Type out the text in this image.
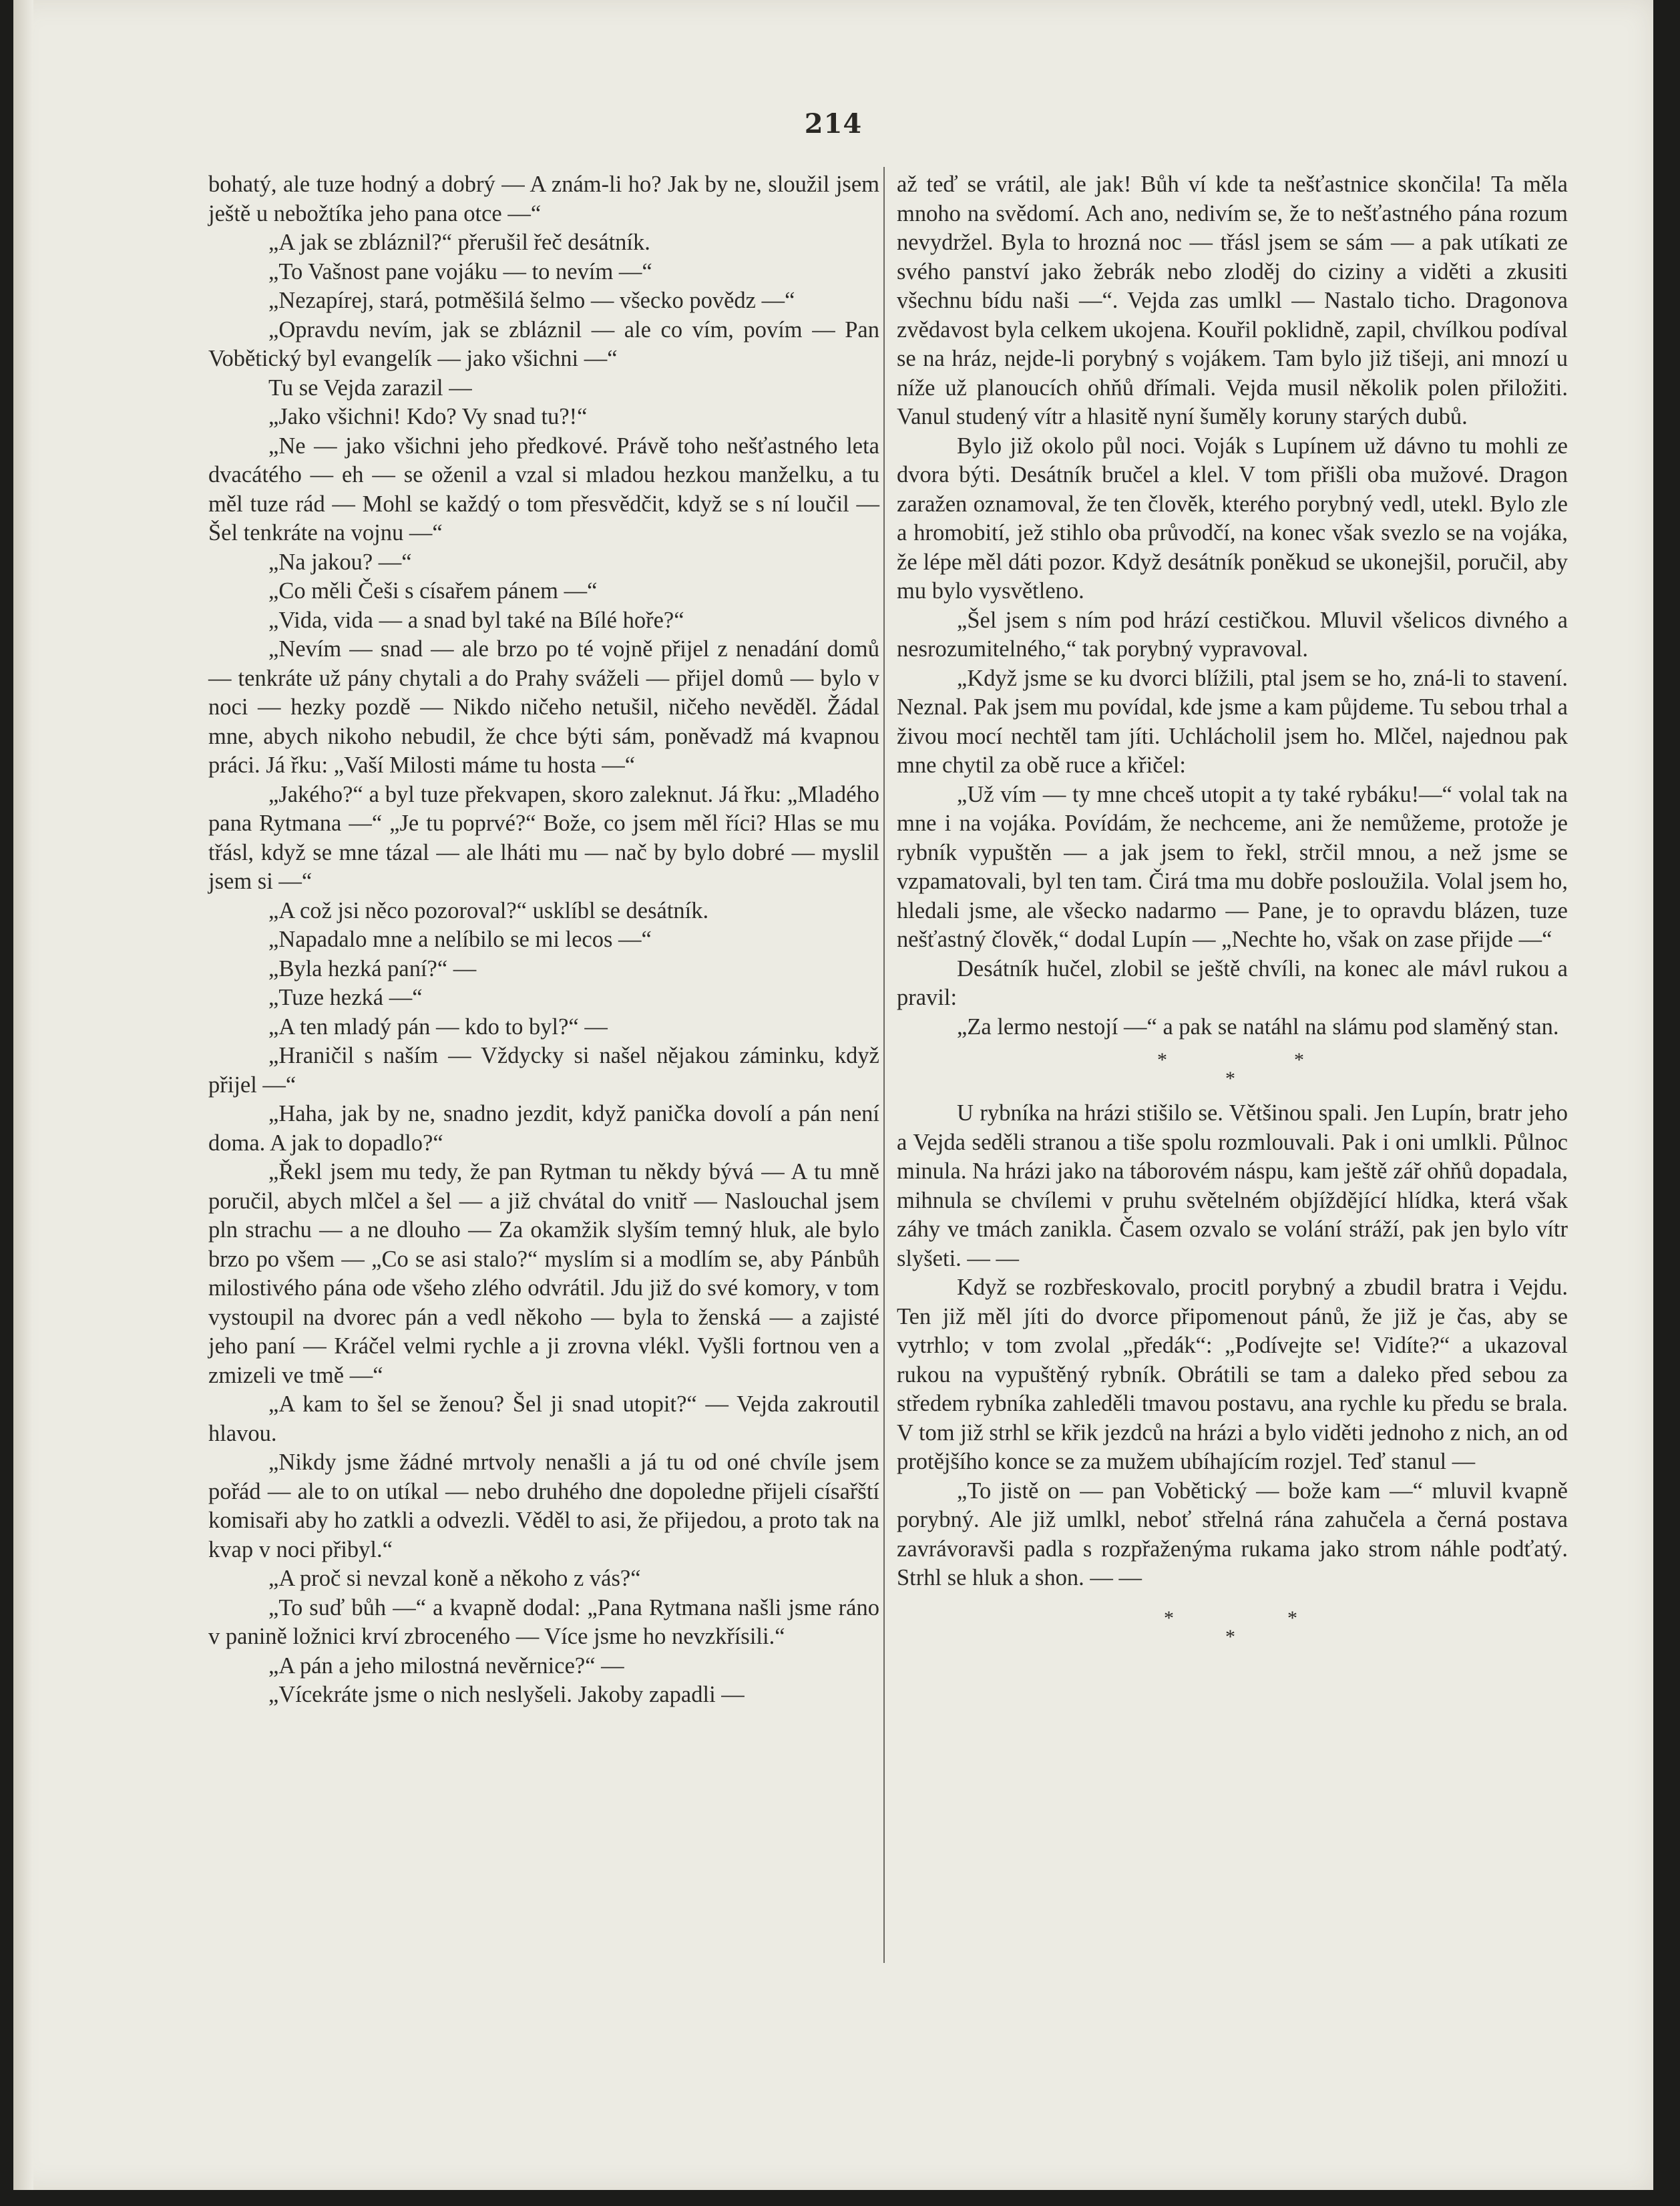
214

bohatý, ale tuze hodný a dobrý — A znám-li ho? Jak by ne, sloužil jsem ještě u nebožtíka jeho pana otce —“

„A jak se zbláznil?“ přerušil řeč desátník.

„To Vašnost pane vojáku — to nevím —“

„Nezapírej, stará, potměšilá šelmo — všecko povědz —“

„Opravdu nevím, jak se zbláznil — ale co vím, povím — Pan Vobětický byl evangelík — jako všichni —“

Tu se Vejda zarazil —

„Jako všichni! Kdo? Vy snad tu?!“

„Ne — jako všichni jeho předkové. Právě toho nešťastného leta dvacátého — eh — se oženil a vzal si mladou hezkou manželku, a tu měl tuze rád — Mohl se každý o tom přesvědčit, když se s ní loučil — Šel tenkráte na vojnu —“

„Na jakou? —“

„Co měli Češi s císařem pánem —“

„Vida, vida — a snad byl také na Bílé hoře?“

„Nevím — snad — ale brzo po té vojně přijel z nenadání domů — tenkráte už pány chytali a do Prahy sváželi — přijel domů — bylo v noci — hezky pozdě — Nikdo ničeho netušil, ničeho nevěděl. Žádal mne, abych nikoho nebudil, že chce býti sám, poněvadž má kvapnou práci. Já řku: „Vaší Milosti máme tu hosta —“

„Jakého?“ a byl tuze překvapen, skoro zaleknut. Já řku: „Mladého pana Rytmana —“ „Je tu poprvé?“ Bože, co jsem měl říci? Hlas se mu třásl, když se mne tázal — ale lháti mu — nač by bylo dobré — myslil jsem si —“

„A což jsi něco pozoroval?“ usklíbl se desátník.

„Napadalo mne a nelíbilo se mi lecos —“

„Byla hezká paní?“ —

„Tuze hezká —“

„A ten mladý pán — kdo to byl?“ —

„Hraničil s naším — Vždycky si našel nějakou záminku, když přijel —“

„Haha, jak by ne, snadno jezdit, když panička dovolí a pán není doma. A jak to dopadlo?“

„Řekl jsem mu tedy, že pan Rytman tu někdy bývá — A tu mně poručil, abych mlčel a šel — a již chvátal do vnitř — Naslouchal jsem pln strachu — a ne dlouho — Za okamžik slyším temný hluk, ale bylo brzo po všem — „Co se asi stalo?“ myslím si a modlím se, aby Pánbůh milostivého pána ode všeho zlého odvrátil. Jdu již do své komory, v tom vystoupil na dvorec pán a vedl někoho — byla to ženská — a zajisté jeho paní — Kráčel velmi rychle a ji zrovna vlékl. Vyšli fortnou ven a zmizeli ve tmě —“

„A kam to šel se ženou? Šel ji snad utopit?“ — Vejda zakroutil hlavou.

„Nikdy jsme žádné mrtvoly nenašli a já tu od oné chvíle jsem pořád — ale to on utíkal — nebo druhého dne dopoledne přijeli císařští komisaři aby ho zatkli a odvezli. Věděl to asi, že přijedou, a proto tak na kvap v noci přibyl.“

„A proč si nevzal koně a někoho z vás?“

„To suď bůh —“ a kvapně dodal: „Pana Rytmana našli jsme ráno v panině ložnici krví zbroceného — Více jsme ho nevzkřísili.“

„A pán a jeho milostná nevěrnice?“ —

„Vícekráte jsme o nich neslyšeli. Jakoby zapadli —

až teď se vrátil, ale jak! Bůh ví kde ta nešťastnice skončila! Ta měla mnoho na svědomí. Ach ano, nedivím se, že to nešťastného pána rozum nevydržel. Byla to hrozná noc — třásl jsem se sám — a pak utíkati ze svého panství jako žebrák nebo zloděj do ciziny a viděti a zkusiti všechnu bídu naši —“. Vejda zas umlkl — Nastalo ticho. Dragonova zvědavost byla celkem ukojena. Kouřil poklidně, zapil, chvílkou podíval se na hráz, nejde-li porybný s vojákem. Tam bylo již tišeji, ani mnozí u níže už planoucích ohňů dřímali. Vejda musil několik polen přiložiti. Vanul studený vítr a hlasitě nyní šuměly koruny starých dubů.

Bylo již okolo půl noci. Voják s Lupínem už dávno tu mohli ze dvora býti. Desátník bručel a klel. V tom přišli oba mužové. Dragon zaražen oznamoval, že ten člověk, kterého porybný vedl, utekl. Bylo zle a hromobití, jež stihlo oba průvodčí, na konec však svezlo se na vojáka, že lépe měl dáti pozor. Když desátník poněkud se ukonejšil, poručil, aby mu bylo vysvětleno.

„Šel jsem s ním pod hrází cestičkou. Mluvil všelicos divného a nesrozumitelného,“ tak porybný vypravoval.

„Když jsme se ku dvorci blížili, ptal jsem se ho, zná-li to stavení. Neznal. Pak jsem mu povídal, kde jsme a kam půjdeme. Tu sebou trhal a živou mocí nechtěl tam jíti. Uchlácholil jsem ho. Mlčel, najednou pak mne chytil za obě ruce a křičel:

„Už vím — ty mne chceš utopit a ty také rybáku!—“ volal tak na mne i na vojáka. Povídám, že nechceme, ani že nemůžeme, protože je rybník vypuštěn — a jak jsem to řekl, strčil mnou, a než jsme se vzpamatovali, byl ten tam. Čirá tma mu dobře posloužila. Volal jsem ho, hledali jsme, ale všecko nadarmo — Pane, je to opravdu blázen, tuze nešťastný člověk,“ dodal Lupín — „Nechte ho, však on zase přijde —“

Desátník hučel, zlobil se ještě chvíli, na konec ale mávl rukou a pravil:

„Za lermo nestojí —“ a pak se natáhl na slámu pod slaměný stan.

*	*
*

U rybníka na hrázi stišilo se. Většinou spali. Jen Lupín, bratr jeho a Vejda seděli stranou a tiše spolu rozmlouvali. Pak i oni umlkli. Půlnoc minula. Na hrázi jako na táborovém náspu, kam ještě zář ohňů dopadala, mihnula se chvílemi v pruhu světelném objíždějící hlídka, která však záhy ve tmách zanikla. Časem ozvalo se volání stráží, pak jen bylo vítr slyšeti. — —

Když se rozbřeskovalo, procitl porybný a zbudil bratra i Vejdu. Ten již měl jíti do dvorce připomenout pánů, že již je čas, aby se vytrhlo; v tom zvolal „předák“: „Podívejte se! Vidíte?“ a ukazoval rukou na vypuštěný rybník. Obrátili se tam a daleko před sebou za středem rybníka zahleděli tmavou postavu, ana rychle ku předu se brala. V tom již strhl se křik jezdců na hrázi a bylo viděti jednoho z nich, an od protějšího konce se za mužem ubíhajícím rozjel. Teď stanul —

„To jistě on — pan Vobětický — bože kam —“ mluvil kvapně porybný. Ale již umlkl, neboť střelná rána zahučela a černá postava zavrávoravši padla s rozpřaženýma rukama jako strom náhle podťatý. Strhl se hluk a shon. — —

*	*
*
